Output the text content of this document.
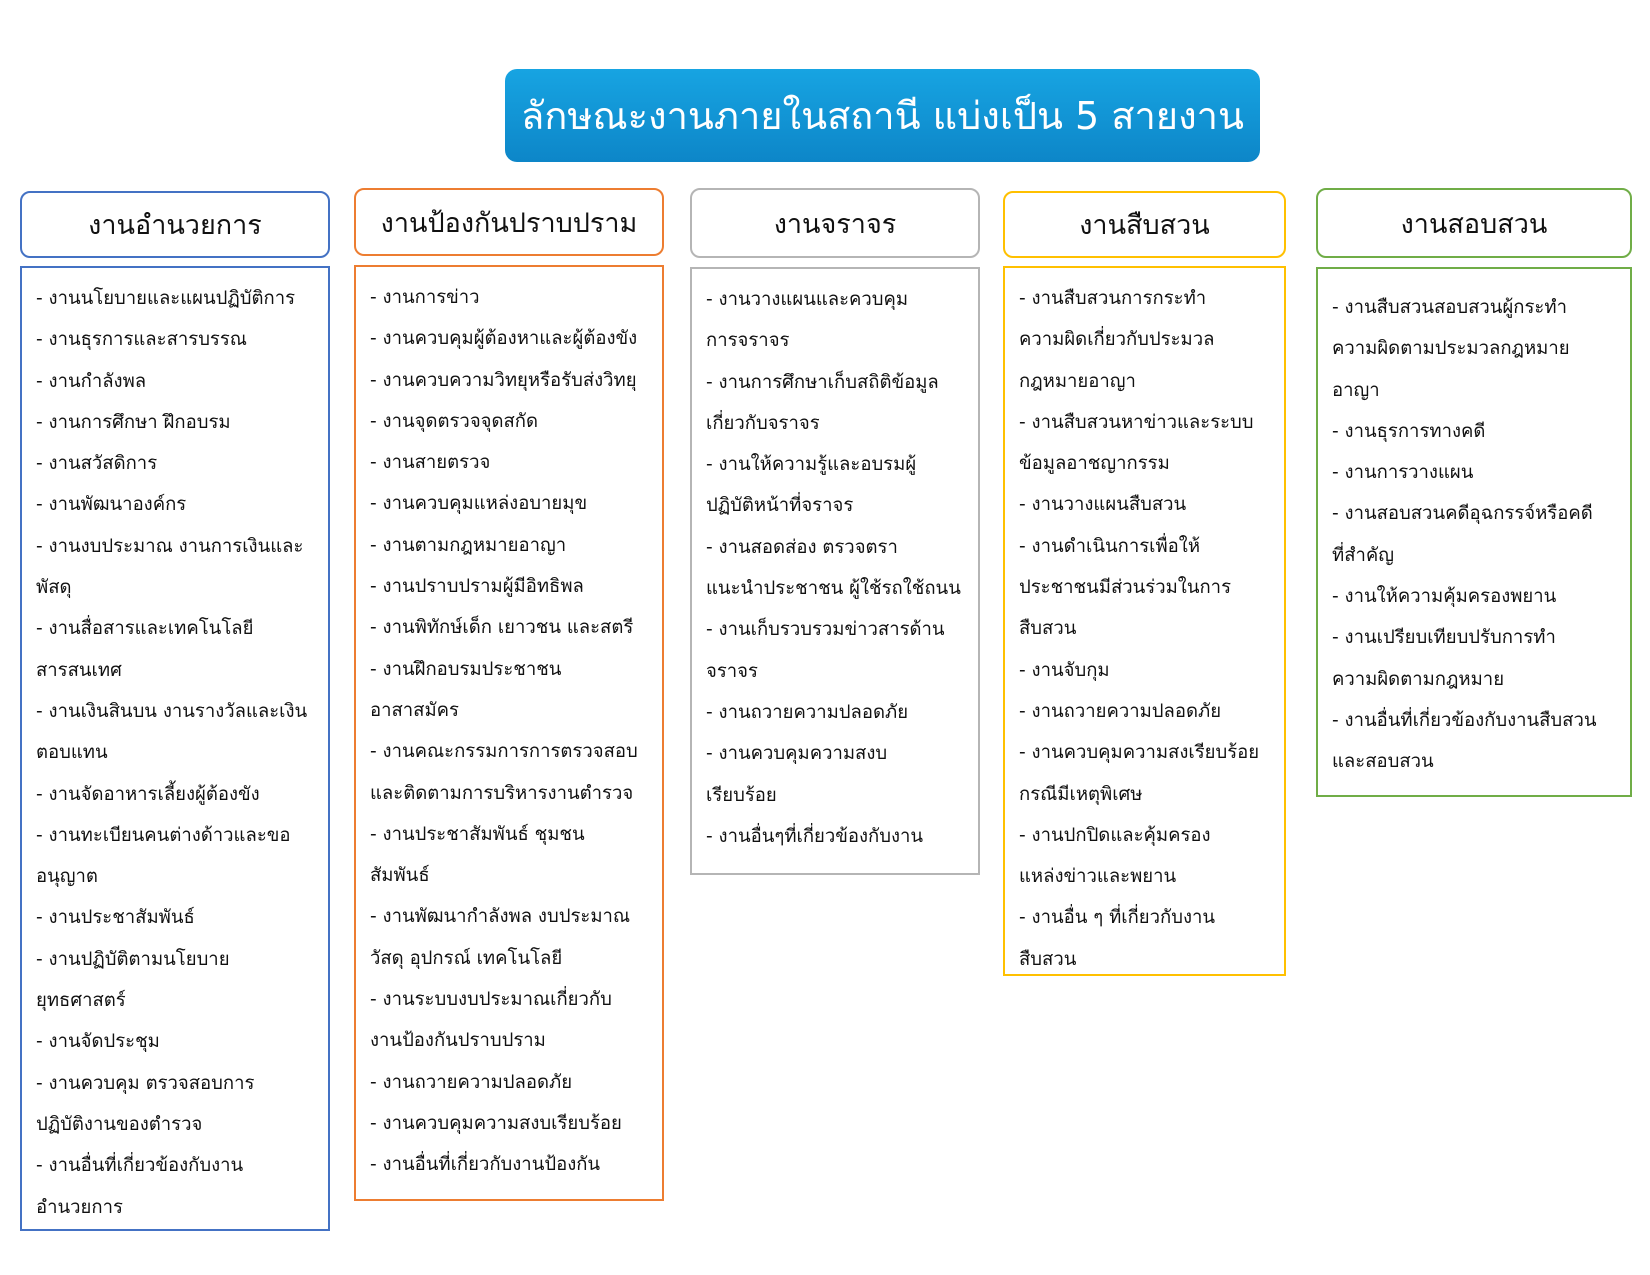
ลักษณะงานภายในสถานี แบ่งเป็น 5 สายงาน
งานอำนวยการ
- งานนโยบายและแผนปฏิบัติการ
- งานธุรการและสารบรรณ
- งานกำลังพล
- งานการศึกษา ฝึกอบรม
- งานสวัสดิการ
- งานพัฒนาองค์กร
- งานงบประมาณ งานการเงินและ
พัสดุ
- งานสื่อสารและเทคโนโลยี
สารสนเทศ
- งานเงินสินบน งานรางวัลและเงิน
ตอบแทน
- งานจัดอาหารเลี้ยงผู้ต้องขัง
- งานทะเบียนคนต่างด้าวและขอ
อนุญาต
- งานประชาสัมพันธ์
- งานปฏิบัติตามนโยบาย
ยุทธศาสตร์
- งานจัดประชุม
- งานควบคุม ตรวจสอบการ
ปฏิบัติงานของตำรวจ
- งานอื่นที่เกี่ยวข้องกับงาน
อำนวยการ
งานป้องกันปราบปราม
- งานการข่าว
- งานควบคุมผู้ต้องหาและผู้ต้องขัง
- งานควบความวิทยุหรือรับส่งวิทยุ
- งานจุดตรวจจุดสกัด
- งานสายตรวจ
- งานควบคุมแหล่งอบายมุข
- งานตามกฎหมายอาญา
- งานปราบปรามผู้มีอิทธิพล
- งานพิทักษ์เด็ก เยาวชน และสตรี
- งานฝึกอบรมประชาชน
อาสาสมัคร
- งานคณะกรรมการการตรวจสอบ
และติดตามการบริหารงานตำรวจ
- งานประชาสัมพันธ์ ชุมชน
สัมพันธ์
- งานพัฒนากำลังพล งบประมาณ
วัสดุ อุปกรณ์ เทคโนโลยี
- งานระบบงบประมาณเกี่ยวกับ
งานป้องกันปราบปราม
- งานถวายความปลอดภัย
- งานควบคุมความสงบเรียบร้อย
- งานอื่นที่เกี่ยวกับงานป้องกัน
งานจราจร
- งานวางแผนและควบคุม
การจราจร
- งานการศึกษาเก็บสถิติข้อมูล
เกี่ยวกับจราจร
- งานให้ความรู้และอบรมผู้
ปฏิบัติหน้าที่จราจร
- งานสอดส่อง ตรวจตรา
แนะนำประชาชน ผู้ใช้รถใช้ถนน
- งานเก็บรวบรวมข่าวสารด้าน
จราจร
- งานถวายความปลอดภัย
- งานควบคุมความสงบ
เรียบร้อย
- งานอื่นๆที่เกี่ยวข้องกับงาน
งานสืบสวน
- งานสืบสวนการกระทำ
ความผิดเกี่ยวกับประมวล
กฎหมายอาญา
- งานสืบสวนหาข่าวและระบบ
ข้อมูลอาชญากรรม
- งานวางแผนสืบสวน
- งานดำเนินการเพื่อให้
ประชาชนมีส่วนร่วมในการ
สืบสวน
- งานจับกุม
- งานถวายความปลอดภัย
- งานควบคุมความสงเรียบร้อย
กรณีมีเหตุพิเศษ
- งานปกปิดและคุ้มครอง
แหล่งข่าวและพยาน
- งานอื่น ๆ ที่เกี่ยวกับงาน
สืบสวน
งานสอบสวน
- งานสืบสวนสอบสวนผู้กระทำ
ความผิดตามประมวลกฎหมาย
อาญา
- งานธุรการทางคดี
- งานการวางแผน
- งานสอบสวนคดีอุฉกรรจ์หรือคดี
ที่สำคัญ
- งานให้ความคุ้มครองพยาน
- งานเปรียบเทียบปรับการทำ
ความผิดตามกฎหมาย
- งานอื่นที่เกี่ยวข้องกับงานสืบสวน
และสอบสวน
